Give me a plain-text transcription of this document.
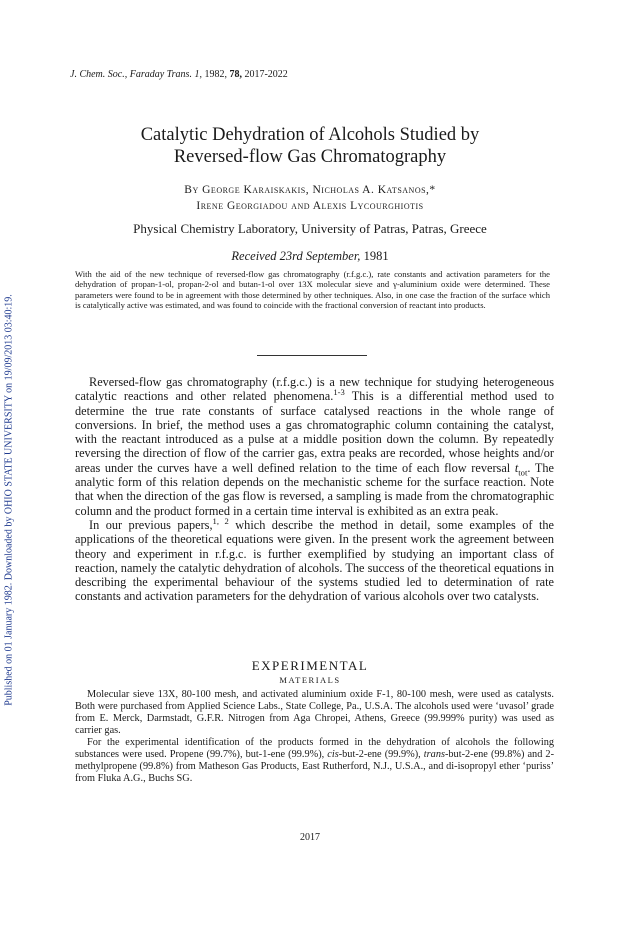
Published on 01 January 1982. Downloaded by OHIO STATE UNIVERSITY on 19/09/2013 03:40:19.
J. Chem. Soc., Faraday Trans. 1, 1982, 78, 2017-2022
Catalytic Dehydration of Alcohols Studied by
Reversed-flow Gas Chromatography
By George Karaiskakis, Nicholas A. Katsanos,*
Irene Georgiadou and Alexis Lycourghiotis
Physical Chemistry Laboratory, University of Patras, Patras, Greece
Received 23rd September, 1981
With the aid of the new technique of reversed-flow gas chromatography (r.f.g.c.), rate constants and activation parameters for the dehydration of propan-1-ol, propan-2-ol and butan-1-ol over 13X molecular sieve and γ-aluminium oxide were determined. These parameters were found to be in agreement with those determined by other techniques. Also, in one case the fraction of the surface which is catalytically active was estimated, and was found to coincide with the fractional conversion of reactant into products.

Reversed-flow gas chromatography (r.f.g.c.) is a new technique for studying heterogeneous catalytic reactions and other related phenomena.$^{1-3}$ This is a differential method used to determine the true rate constants of surface catalysed reactions in the whole range of conversions. In brief, the method uses a gas chromatographic column containing the catalyst, with the reactant introduced as a pulse at a middle position down the column. By repeatedly reversing the direction of flow of the carrier gas, extra peaks are recorded, whose heights and/or areas under the curves have a well defined relation to the time of each flow reversal $t_{tot}$. The analytic form of this relation depends on the mechanistic scheme for the surface reaction. Note that when the direction of the gas flow is reversed, a sampling is made from the chromatographic column and the product formed in a certain time interval is exhibited as an extra peak.

In our previous papers,$^{1, 2}$ which describe the method in detail, some examples of the applications of the theoretical equations were given. In the present work the agreement between theory and experiment in r.f.g.c. is further exemplified by studying an important class of reaction, namely the catalytic dehydration of alcohols. The success of the theoretical equations in describing the experimental behaviour of the systems studied led to determination of rate constants and activation parameters for the dehydration of various alcohols over two catalysts.

EXPERIMENTAL
MATERIALS

Molecular sieve 13X, 80-100 mesh, and activated aluminium oxide F-1, 80-100 mesh, were used as catalysts. Both were purchased from Applied Science Labs., State College, Pa., U.S.A. The alcohols used were ‘uvasol’ grade from E. Merck, Darmstadt, G.F.R. Nitrogen from Aga Chropei, Athens, Greece (99.999% purity) was used as carrier gas.

For the experimental identification of the products formed in the dehydration of alcohols the following substances were used. Propene (99.7%), but-1-ene (99.9%), cis-but-2-ene (99.9%), trans-but-2-ene (99.8%) and 2-methylpropene (99.8%) from Matheson Gas Products, East Rutherford, N.J., U.S.A., and di-isopropyl ether ‘puriss’ from Fluka A.G., Buchs SG.

2017
